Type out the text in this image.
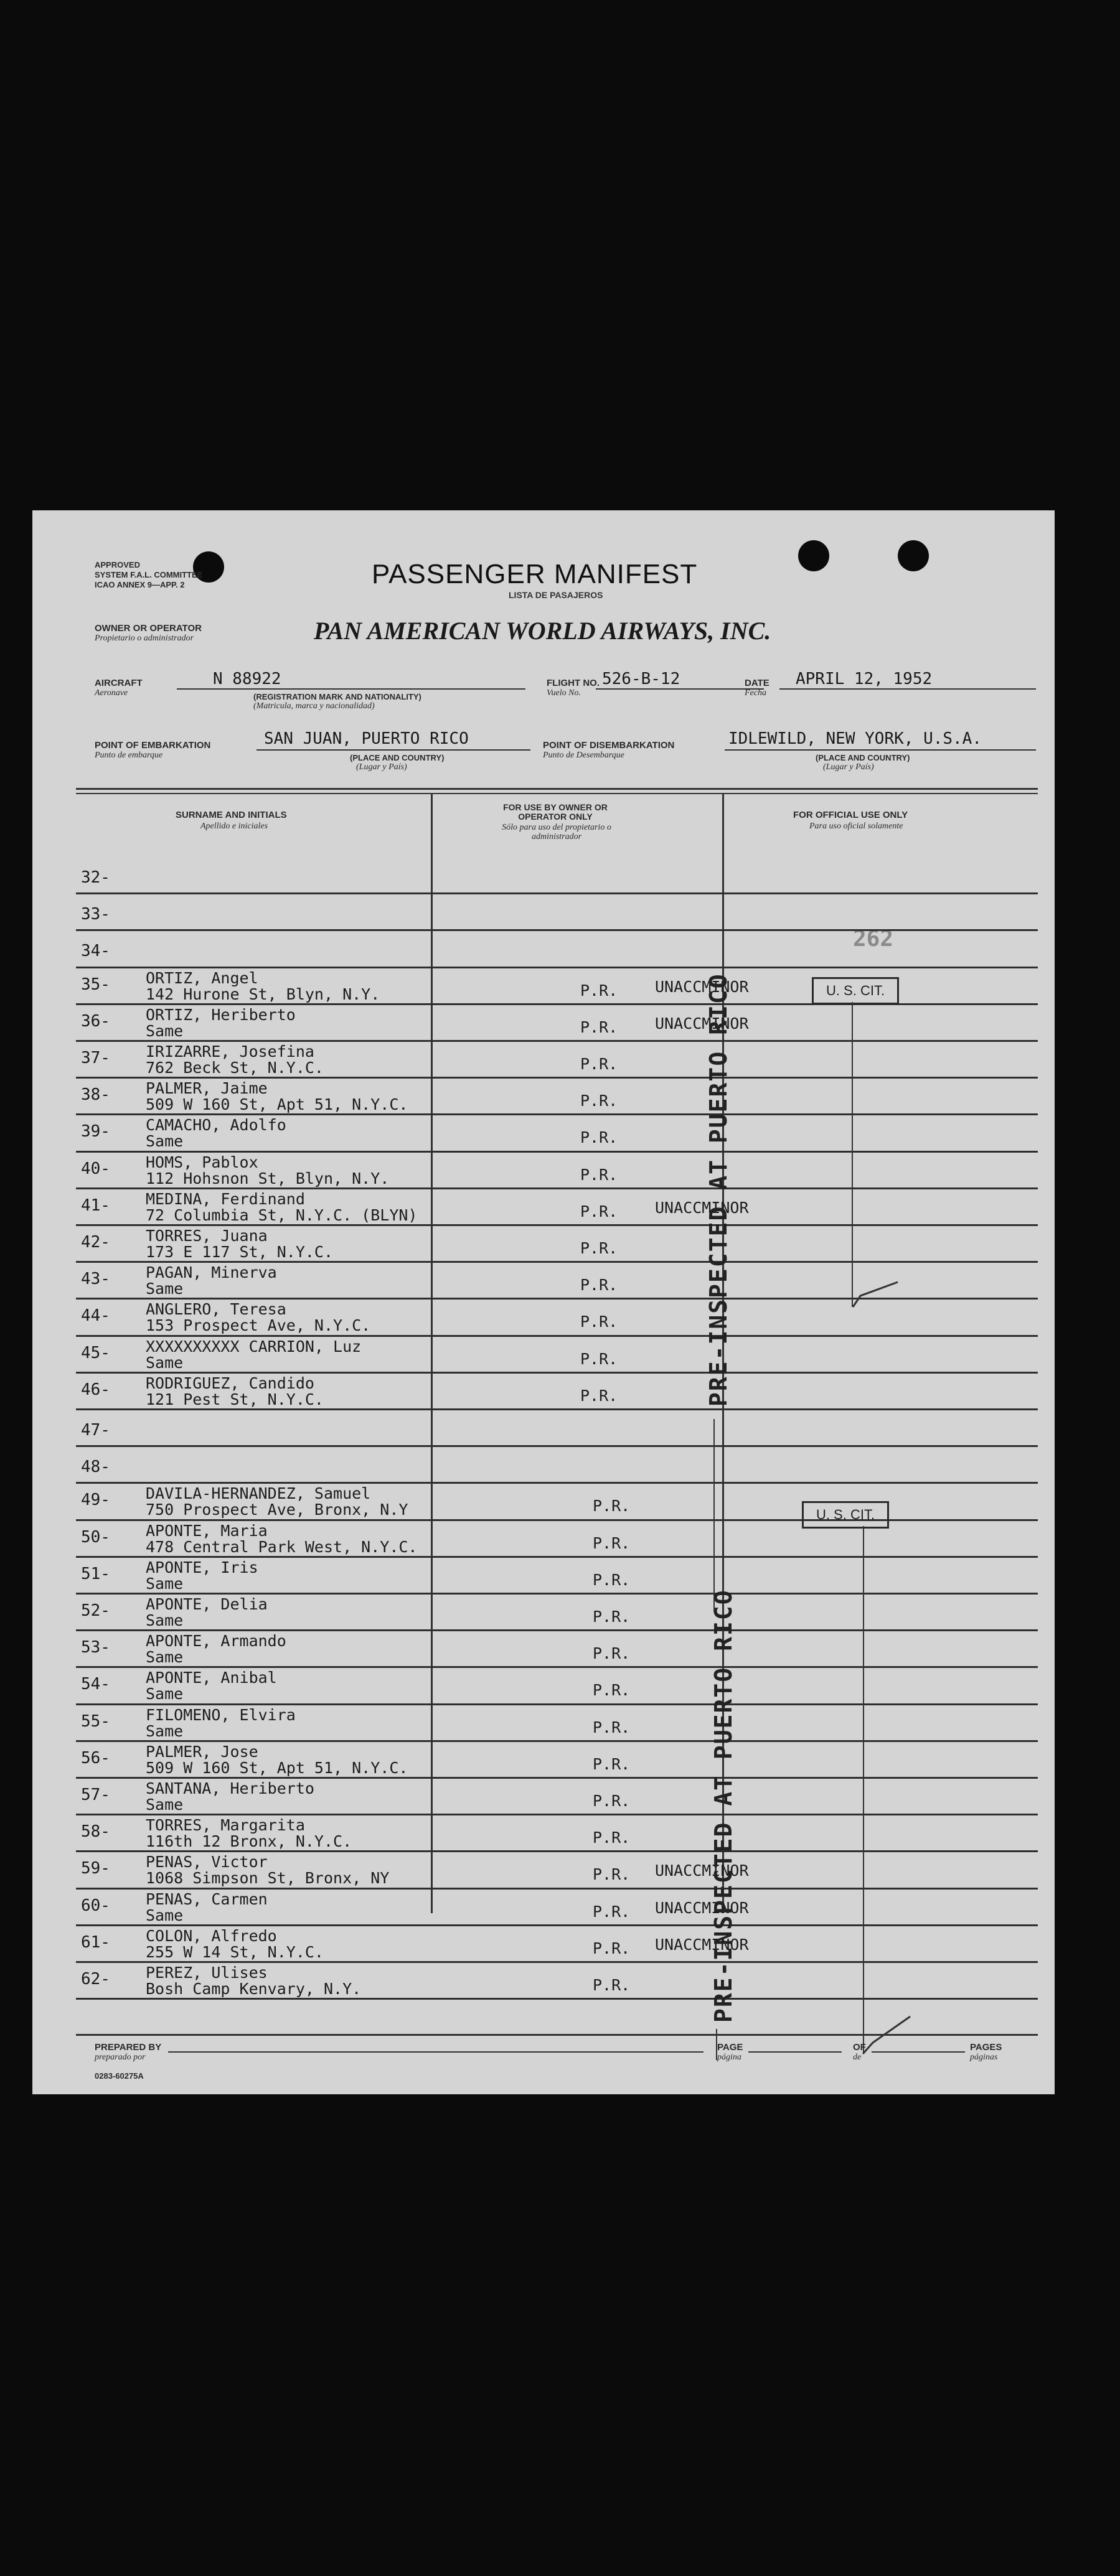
APPROVED
SYSTEM F.A.L. COMMITTEE
ICAO ANNEX 9—APP. 2	PASSENGER MANIFEST
LISTA DE PASAJEROS
OWNER OR OPERATOR
Propietario o administrador	PAN AMERICAN WORLD AIRWAYS, INC.
AIRCRAFT
Aeronave
N 88922
(REGISTRATION MARK AND NATIONALITY)
(Matricula, marca y nacionalidad)
FLIGHT NO.
Vuelo No.
526-B-12	DATE
Fecha
APRIL 12, 1952
POINT OF EMBARKATION
Punto de embarque
SAN JUAN, PUERTO RICO
(PLACE AND COUNTRY)
(Lugar y País)
POINT OF DISEMBARKATION
Punto de Desembarque
IDLEWILD, NEW YORK, U.S.A.
(PLACE AND COUNTRY)
(Lugar y País)
SURNAME AND INITIALS
Apellido e iniciales
FOR USE BY OWNER OR OPERATOR ONLY
Sólo para uso del propietario o administrador
FOR OFFICIAL USE ONLY
Para uso oficial solamente
262
32-
33-
34-
35- ORTIZ, Angel
142 Hurone St, Blyn, N.Y.	P.R. UNACCMINOR
36- ORTIZ, Heriberto
Same	P.R. UNACCMINOR
37- IRIZARRE, Josefina
762 Beck St, N.Y.C.	P.R.
38- PALMER, Jaime
509 W 160 St, Apt 51, N.Y.C.	P.R.
39- CAMACHO, Adolfo
Same	P.R.
40- HOMS, Pablox
112 Hohsnon St, Blyn, N.Y.	P.R.
41- MEDINA, Ferdinand
72 Columbia St, N.Y.C. (BLYN)	P.R. UNACCMINOR
42- TORRES, Juana
173 E 117 St, N.Y.C.	P.R.
43- PAGAN, Minerva
Same	P.R.
44- ANGLERO, Teresa
153 Prospect Ave, N.Y.C.	P.R.
45- XXXXXXXXXX CARRION, Luz
Same	P.R.
46- RODRIGUEZ, Candido
121 Pest St, N.Y.C.	P.R.
47-
48-
49- DAVILA-HERNANDEZ, Samuel
750 Prospect Ave, Bronx, N.Y	P.R.
50- APONTE, Maria
478 Central Park West, N.Y.C.	P.R.
51- APONTE, Iris
Same	P.R.
52- APONTE, Delia
Same	P.R.
53- APONTE, Armando
Same	P.R.
54- APONTE, Anibal
Same	P.R.
55- FILOMENO, Elvira
Same	P.R.
56- PALMER, Jose
509 W 160 St, Apt 51, N.Y.C.	P.R.
57- SANTANA, Heriberto
Same	P.R.
58- TORRES, Margarita
116th 12 Bronx, N.Y.C.	P.R.
59- PENAS, Victor
1068 Simpson St, Bronx, NY	P.R. UNACCMINOR
60- PENAS, Carmen
Same	P.R. UNACCMINOR
61- COLON, Alfredo
255 W 14 St, N.Y.C.	P.R. UNACCMINOR
62- PEREZ, Ulises
Bosh Camp Kenvary, N.Y.	P.R.
PRE-INSPECTED AT PUERTO RICO
PRE-INSPECTED AT PUERTO RICO
U. S. CIT.
U. S. CIT.
PREPARED BY
preparado por
PAGE
página
OF
de
PAGES
páginas
0283-60275A
